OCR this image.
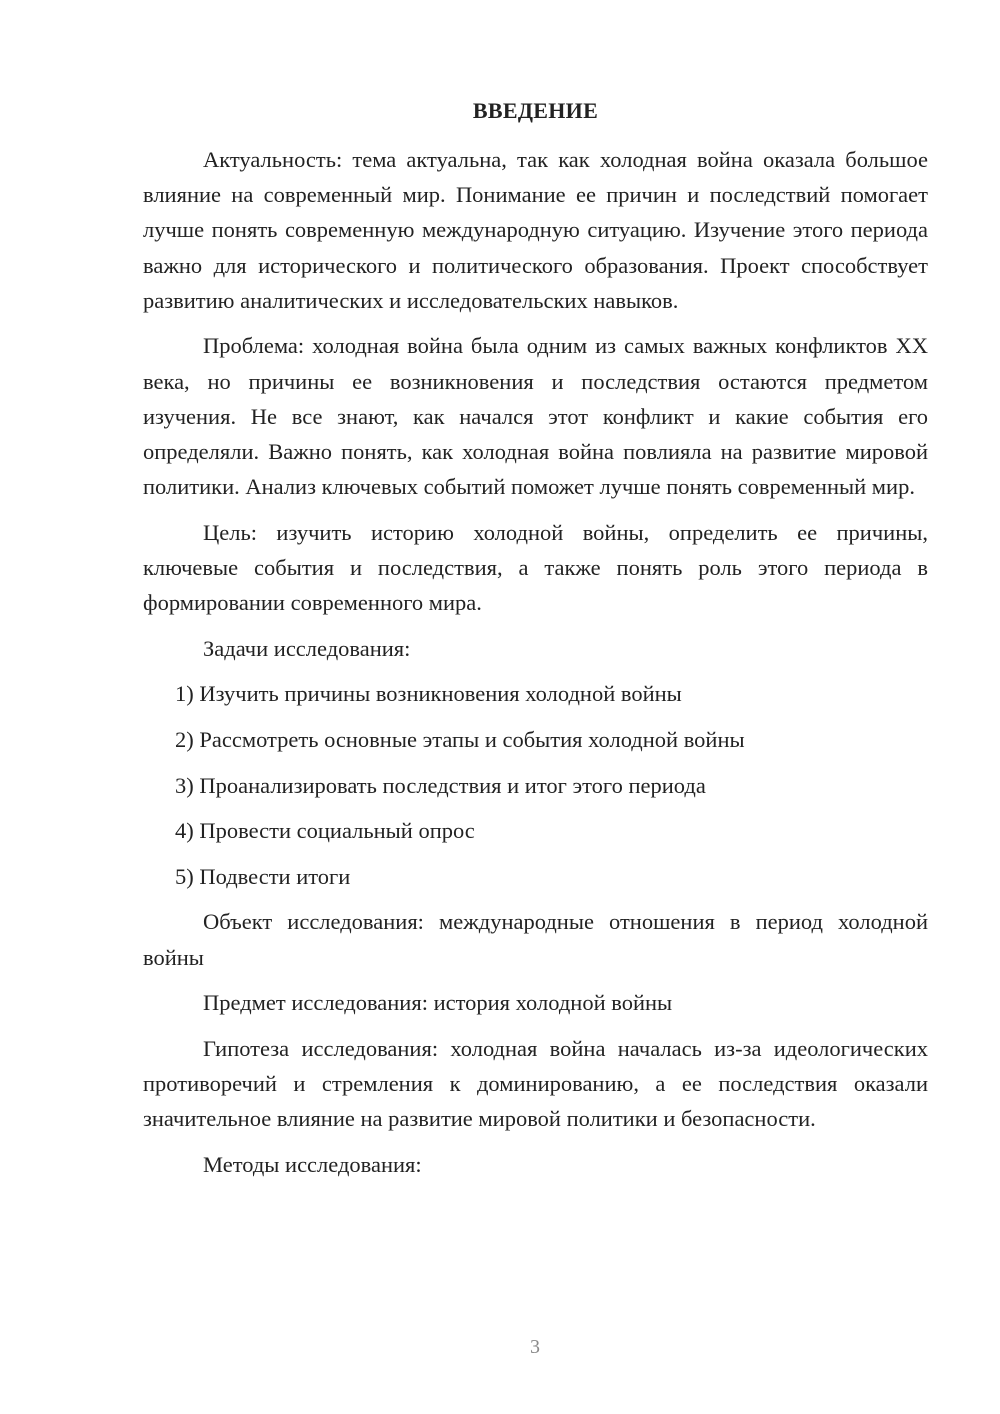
ВВЕДЕНИЕ

Актуальность: тема актуальна, так как холодная война оказала большое влияние на современный мир. Понимание ее причин и последствий помогает лучше понять современную международную ситуацию. Изучение этого периода важно для исторического и политического образования. Проект способствует развитию аналитических и исследовательских навыков.

Проблема: холодная война была одним из самых важных конфликтов XX века, но причины ее возникновения и последствия остаются предметом изучения. Не все знают, как начался этот конфликт и какие события его определяли. Важно понять, как холодная война повлияла на развитие мировой политики. Анализ ключевых событий поможет лучше понять современный мир.

Цель: изучить историю холодной войны, определить ее причины, ключевые события и последствия, а также понять роль этого периода в формировании современного мира.

Задачи исследования:

1) Изучить причины возникновения холодной войны

2) Рассмотреть основные этапы и события холодной войны

3) Проанализировать последствия и итог этого периода

4) Провести социальный опрос

5) Подвести итоги

Объект исследования: международные отношения в период холодной войны

Предмет исследования: история холодной войны

Гипотеза исследования: холодная война началась из-за идеологических противоречий и стремления к доминированию, а ее последствия оказали значительное влияние на развитие мировой политики и безопасности.

Методы исследования:

3
